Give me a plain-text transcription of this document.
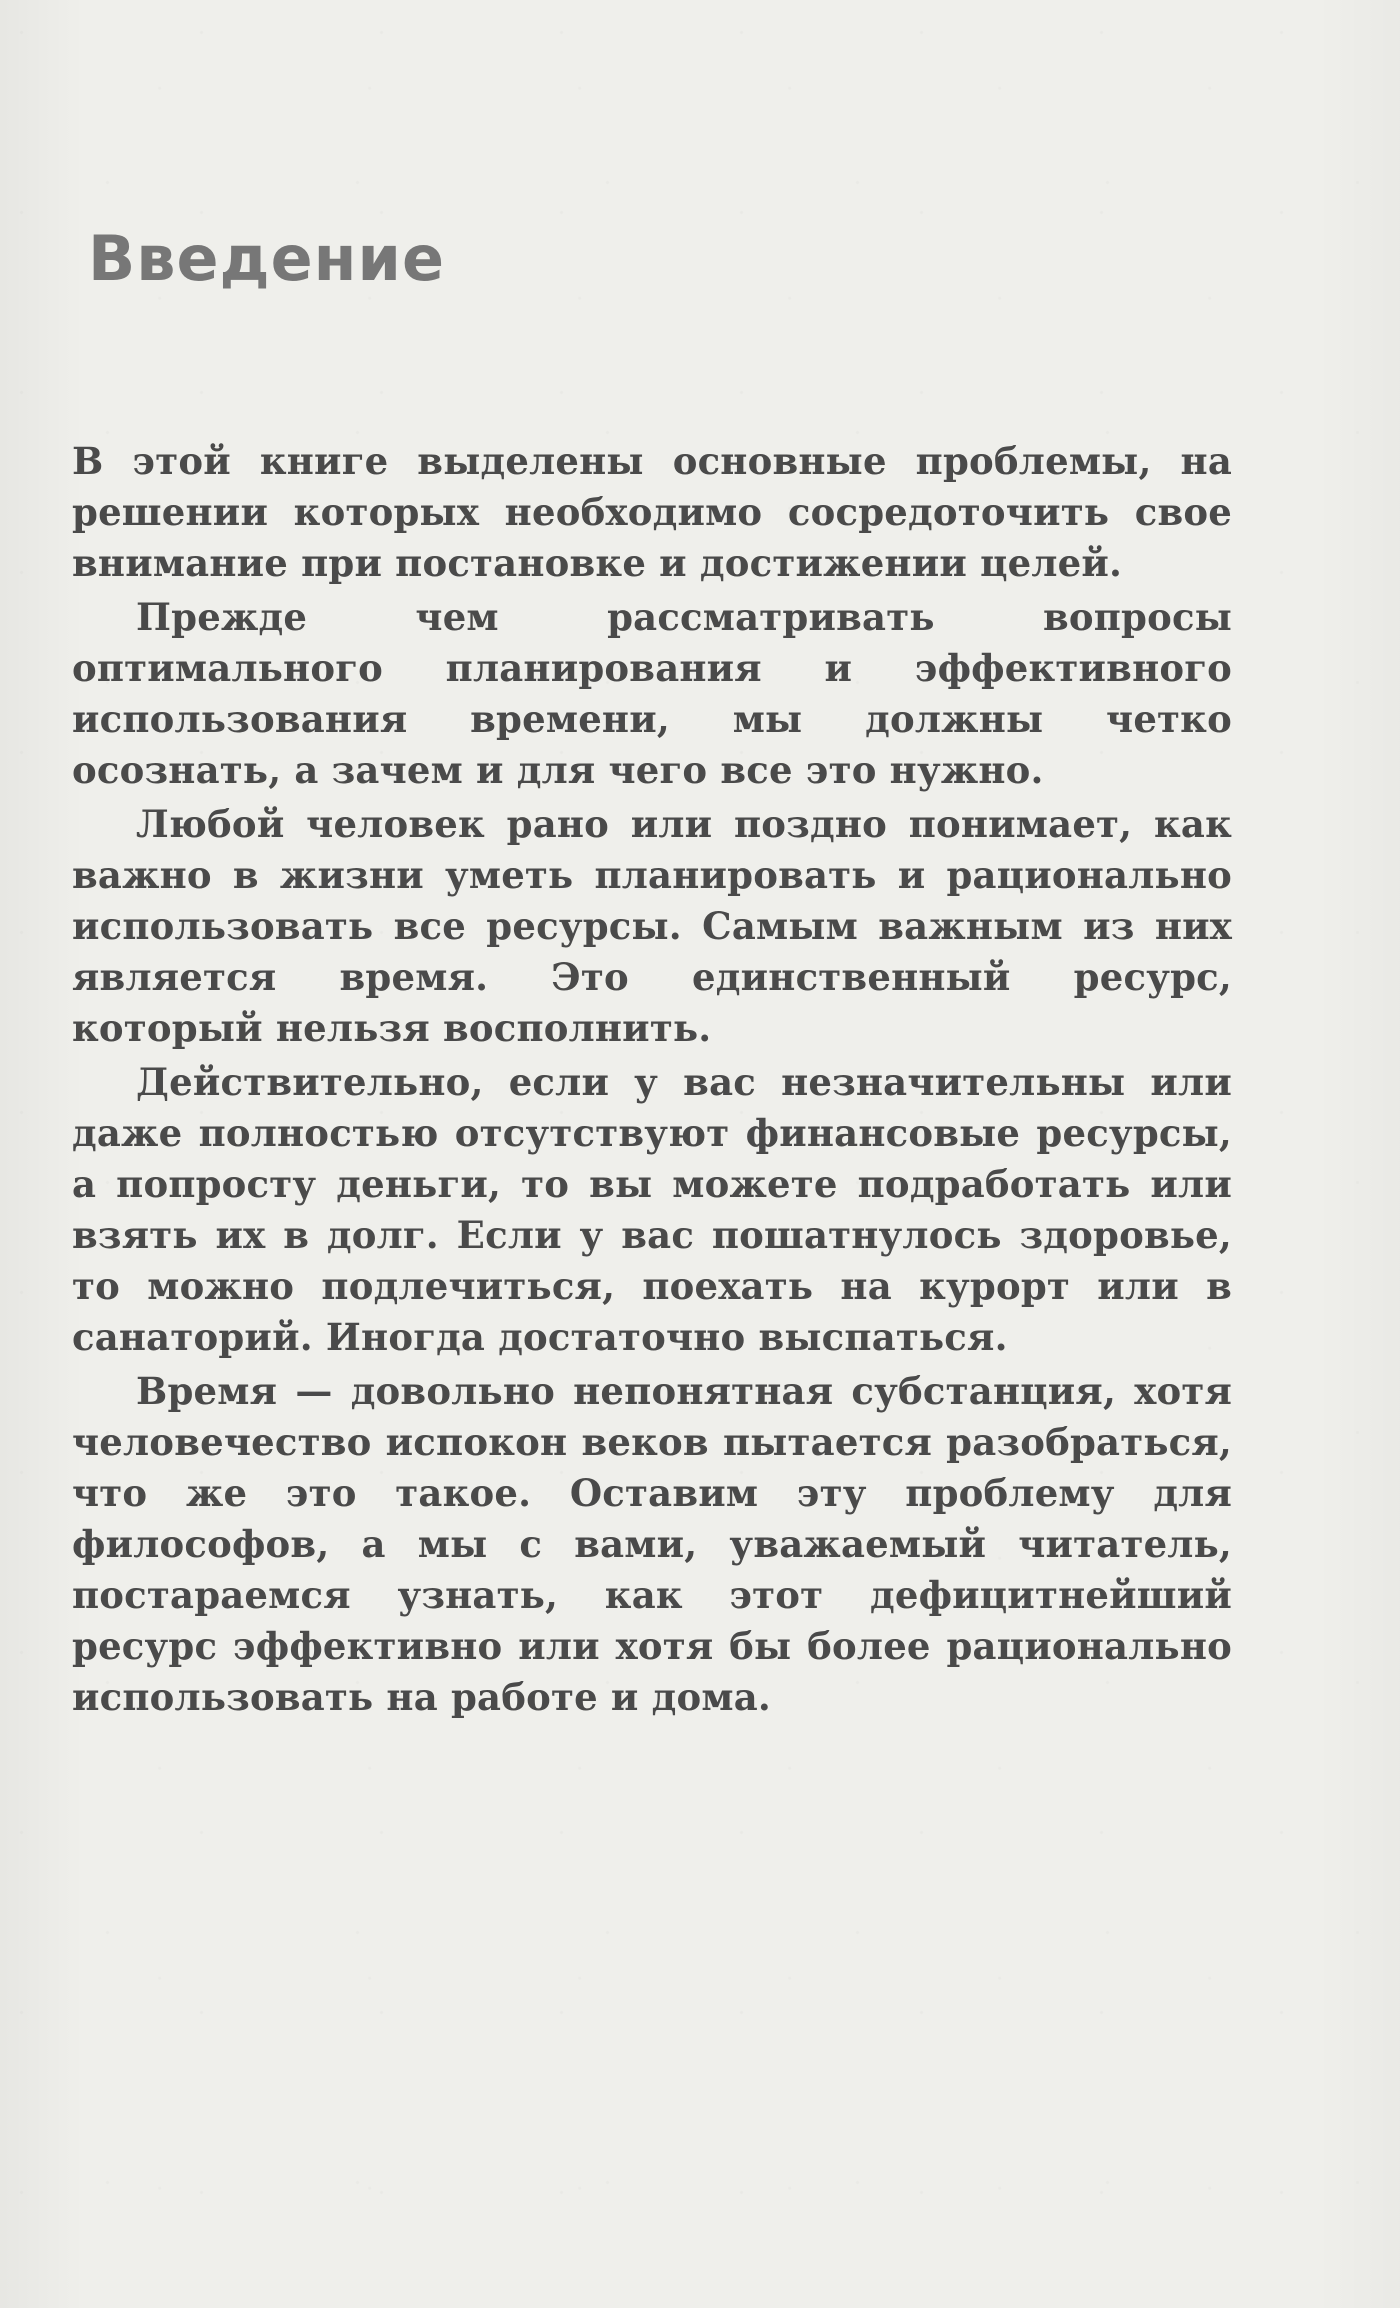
Введение

В этой книге выделены основные проблемы, на решении которых необходимо сосредоточить свое внимание при постановке и достижении целей.

Прежде чем рассматривать вопросы оптимального планирования и эффективного использования времени, мы должны четко осознать, а зачем и для чего все это нужно.

Любой человек рано или поздно понимает, как важно в жизни уметь планировать и рационально использовать все ресурсы. Самым важным из них является время. Это единственный ресурс, который нельзя восполнить.

Действительно, если у вас незначительны или даже полностью отсутствуют финансовые ресурсы, а попросту деньги, то вы можете подработать или взять их в долг. Если у вас пошатнулось здоровье, то можно подлечиться, поехать на курорт или в санаторий. Иногда достаточно выспаться.

Время — довольно непонятная субстанция, хотя человечество испокон веков пытается разобраться, что же это такое. Оставим эту проблему для философов, а мы с вами, уважаемый читатель, постараемся узнать, как этот дефицитнейший ресурс эффективно или хотя бы более рационально использовать на работе и дома.
